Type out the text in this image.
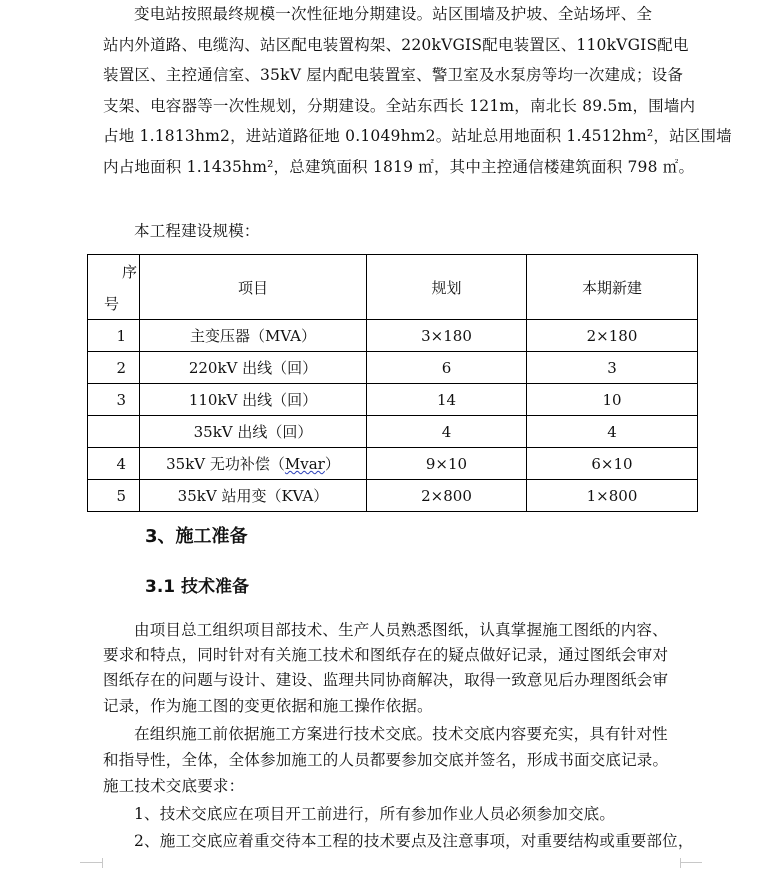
变电站按照最终规模一次性征地分期建设。站区围墙及护坡、全站场坪、全
站内外道路、电缆沟、站区配电装置构架、220kVGIS配电装置区、110kVGIS配电
装置区、主控通信室、35kV 屋内配电装置室、警卫室及水泵房等均一次建成；设备
支架、电容器等一次性规划，分期建设。全站东西长 121m，南北长 89.5m，围墙内
占地 1.1813hm2，进站道路征地 0.1049hm2。站址总用地面积 1.4512hm²，站区围墙
内占地面积 1.1435hm²，总建筑面积 1819 ㎡，其中主控通信楼建筑面积 798 ㎡。
本工程建设规模：
序
号	项目	规划	本期新建
1	主变压器（MVA）	3×180	2×180
2	220kV 出线（回）	6	3
3	110kV 出线（回）	14	10
	35kV 出线（回）	4	4
4	35kV 无功补偿（Mvar）	9×10	6×10
5	35kV 站用变（KVA）	2×800	1×800
3、施工准备
3.1 技术准备
由项目总工组织项目部技术、生产人员熟悉图纸，认真掌握施工图纸的内容、
要求和特点，同时针对有关施工技术和图纸存在的疑点做好记录，通过图纸会审对
图纸存在的问题与设计、建设、监理共同协商解决，取得一致意见后办理图纸会审
记录，作为施工图的变更依据和施工操作依据。
在组织施工前依据施工方案进行技术交底。技术交底内容要充实，具有针对性
和指导性，全体，全体参加施工的人员都要参加交底并签名，形成书面交底记录。
施工技术交底要求：
1、技术交底应在项目开工前进行，所有参加作业人员必须参加交底。
2、施工交底应着重交待本工程的技术要点及注意事项，对重要结构或重要部位，
